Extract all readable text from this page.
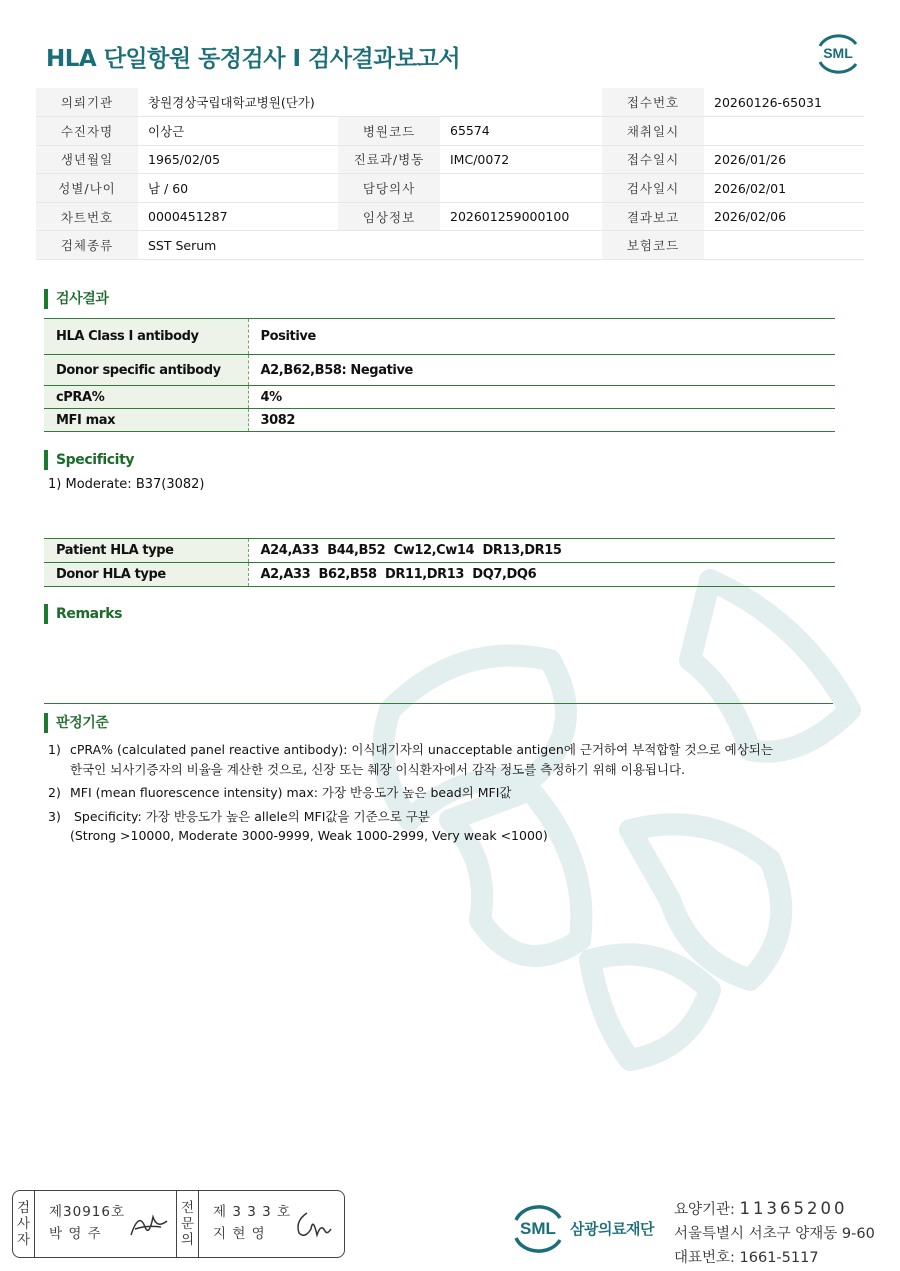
HLA 단일항원 동정검사 I 검사결과보고서	SML
의뢰기관	창원경상국립대학교병원(단가)			접수번호	20260126-65031
수진자명	이상근	병원코드	65574	채취일시	
생년월일	1965/02/05	진료과/병동	IMC/0072	접수일시	2026/01/26
성별/나이	남 / 60	담당의사		검사일시	2026/02/01
차트번호	0000451287	임상정보	202601259000100	결과보고	2026/02/06
검체종류	SST Serum			보험코드	
검사결과
HLA Class I antibody	Positive
Donor specific antibody	A2,B62,B58: Negative
cPRA%	4%
MFI max	3082
Specificity
1) Moderate: B37(3082)
Patient HLA type	A24,A33  B44,B52  Cw12,Cw14  DR13,DR15
Donor HLA type	A2,A33  B62,B58  DR11,DR13  DQ7,DQ6
Remarks
판정기준
1) cPRA% (calculated panel reactive antibody): 이식대기자의 unacceptable antigen에 근거하여 부적합할 것으로 예상되는
한국인 뇌사기증자의 비율을 계산한 것으로, 신장 또는 췌장 이식환자에서 감작 정도를 측정하기 위해 이용됩니다.
2) MFI (mean fluorescence intensity) max: 가장 반응도가 높은 bead의 MFI값
3) Specificity: 가장 반응도가 높은 allele의 MFI값을 기준으로 구분
(Strong >10000, Moderate 3000-9999, Weak 1000-2999, Very weak <1000)
검
사
자
제30916호
박 영 주
전
문
의
제 3 3 3 호
지 현 영	SML 삼광의료재단
요양기관: 11365200
서울특별시 서초구 양재동 9-60
대표번호: 1661-5117
